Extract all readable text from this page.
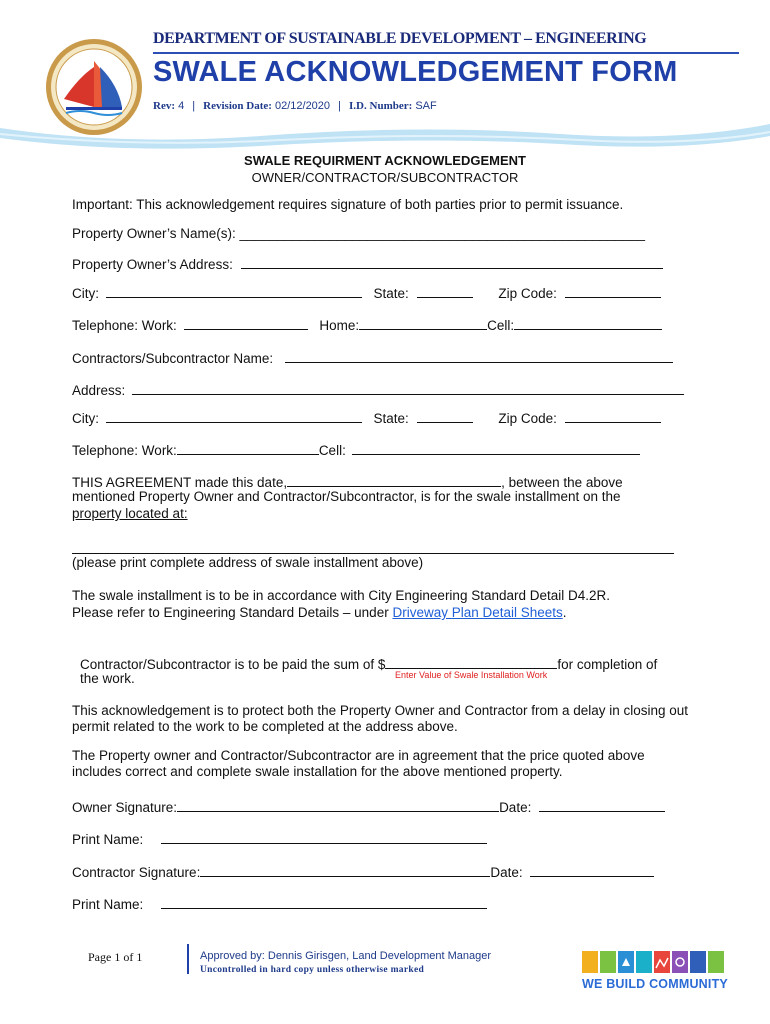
DEPARTMENT OF SUSTAINABLE DEVELOPMENT – ENGINEERING
SWALE ACKNOWLEDGEMENT FORM
Rev: 4 | Revision Date: 02/12/2020 | I.D. Number: SAF
SWALE REQUIRMENT ACKNOWLEDGEMENT
OWNER/CONTRACTOR/SUBCONTRACTOR
Important: This acknowledgement requires signature of both parties prior to permit issuance.
Property Owner’s Name(s): ______________________________________________________
Property Owner’s Address:
City:	State:	Zip Code:
Telephone: Work:	Home:	Cell:
Contractors/Subcontractor Name:
Address:
City:	State:	Zip Code:
Telephone: Work:	Cell:
THIS AGREEMENT made this date,	, between the above
mentioned Property Owner and Contractor/Subcontractor, is for the swale installment on the
property located at:
(please print complete address of swale installment above)
The swale installment is to be in accordance with City Engineering Standard Detail D4.2R.
Please refer to Engineering Standard Details – under Driveway Plan Detail Sheets.
Contractor/Subcontractor is to be paid the sum of $	for completion of
the work.	Enter Value of Swale Installation Work
This acknowledgement is to protect both the Property Owner and Contractor from a delay in closing out permit related to the work to be completed at the address above.
The Property owner and Contractor/Subcontractor are in agreement that the price quoted above includes correct and complete swale installation for the above mentioned property.
Owner Signature:	Date:
Print Name:
Contractor Signature:	Date:
Print Name:
Page 1 of 1	Approved by: Dennis Girisgen, Land Development Manager
Uncontrolled in hard copy unless otherwise marked
WE BUILD COMMUNITY
